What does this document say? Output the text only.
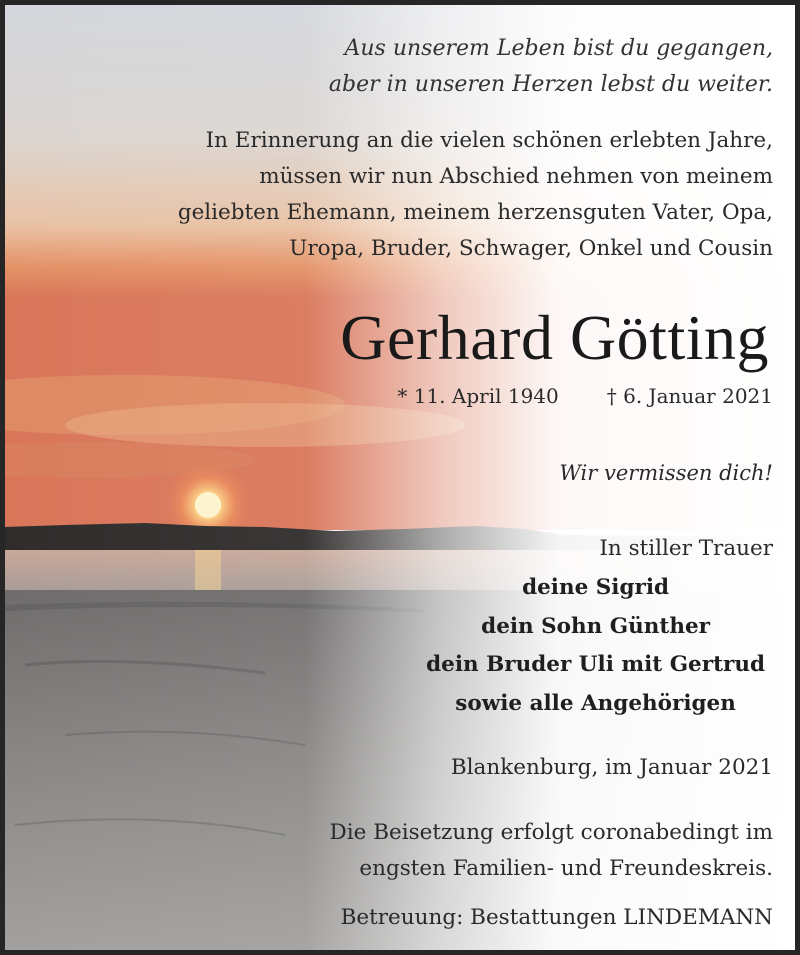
Aus unserem Leben bist du gegangen,
aber in unseren Herzen lebst du weiter.
In Erinnerung an die vielen schönen erlebten Jahre,
müssen wir nun Abschied nehmen von meinem
geliebten Ehemann, meinem herzensguten Vater, Opa,
Uropa, Bruder, Schwager, Onkel und Cousin
Gerhard Götting
* 11. April 1940 † 6. Januar 2021
Wir vermissen dich!
In stiller Trauer
deine Sigrid
dein Sohn Günther
dein Bruder Uli mit Gertrud
sowie alle Angehörigen
Blankenburg, im Januar 2021
Die Beisetzung erfolgt coronabedingt im
engsten Familien- und Freundeskreis.
Betreuung: Bestattungen LINDEMANN
